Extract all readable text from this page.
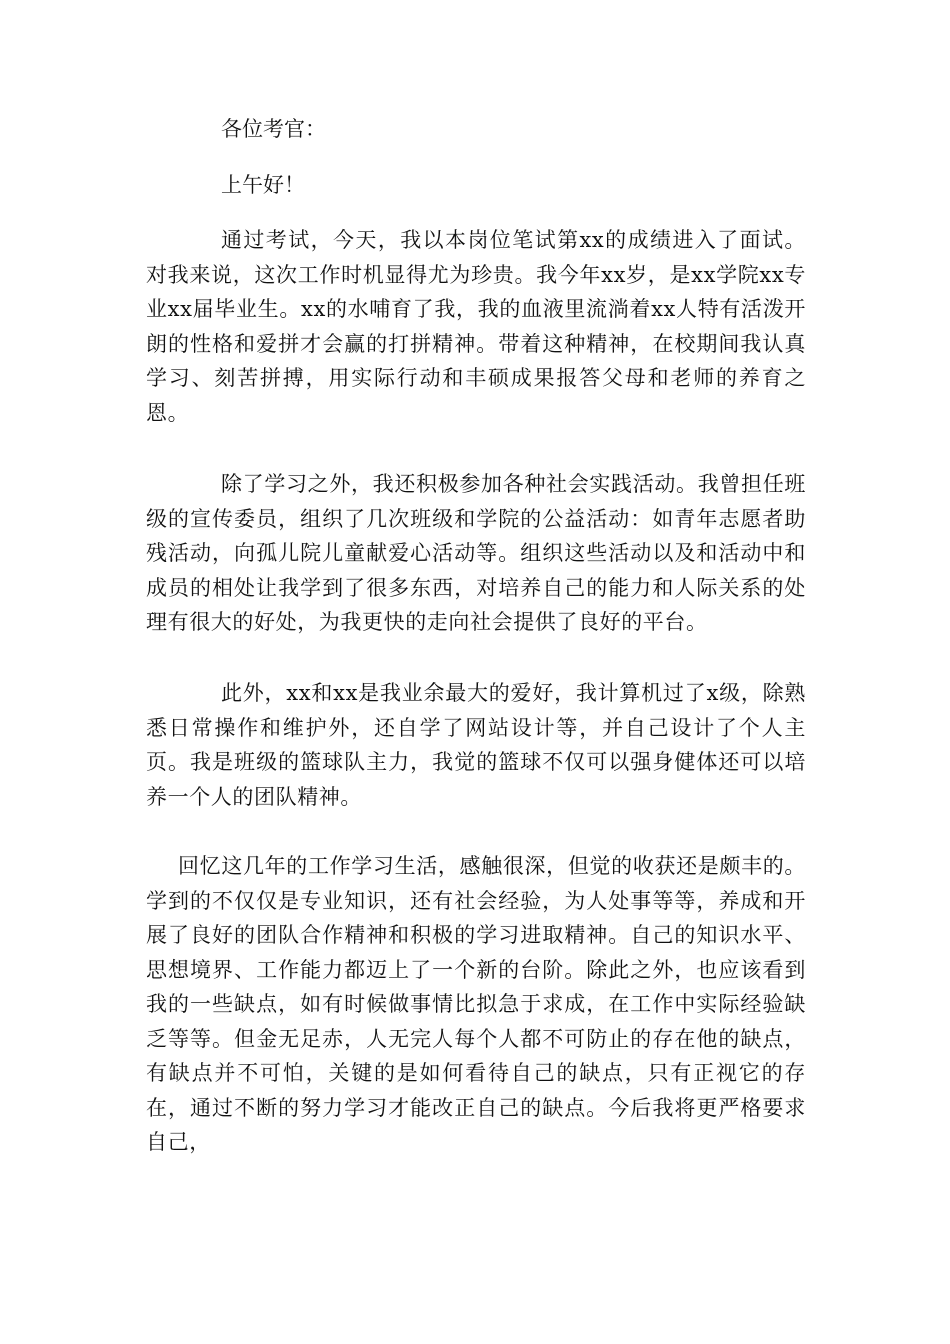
各位考官：

上午好！

通过考试，今天，我以本岗位笔试第xx的成绩进入了面试。对我来说，这次工作时机显得尤为珍贵。我今年xx岁，是xx学院xx专业xx届毕业生。xx的水哺育了我，我的血液里流淌着xx人特有活泼开朗的性格和爱拼才会赢的打拼精神。带着这种精神，在校期间我认真学习、刻苦拼搏，用实际行动和丰硕成果报答父母和老师的养育之恩。

除了学习之外，我还积极参加各种社会实践活动。我曾担任班级的宣传委员，组织了几次班级和学院的公益活动：如青年志愿者助残活动，向孤儿院儿童献爱心活动等。组织这些活动以及和活动中和成员的相处让我学到了很多东西，对培养自己的能力和人际关系的处理有很大的好处，为我更快的走向社会提供了良好的平台。

此外，xx和xx是我业余最大的爱好，我计算机过了x级，除熟悉日常操作和维护外，还自学了网站设计等，并自己设计了个人主页。我是班级的篮球队主力，我觉的篮球不仅可以强身健体还可以培养一个人的团队精神。

回忆这几年的工作学习生活，感触很深，但觉的收获还是颇丰的。学到的不仅仅是专业知识，还有社会经验，为人处事等等，养成和开展了良好的团队合作精神和积极的学习进取精神。自己的知识水平、思想境界、工作能力都迈上了一个新的台阶。除此之外，也应该看到我的一些缺点，如有时候做事情比拟急于求成，在工作中实际经验缺乏等等。但金无足赤，人无完人每个人都不可防止的存在他的缺点，有缺点并不可怕，关键的是如何看待自己的缺点，只有正视它的存在，通过不断的努力学习才能改正自己的缺点。今后我将更严格要求自己，
